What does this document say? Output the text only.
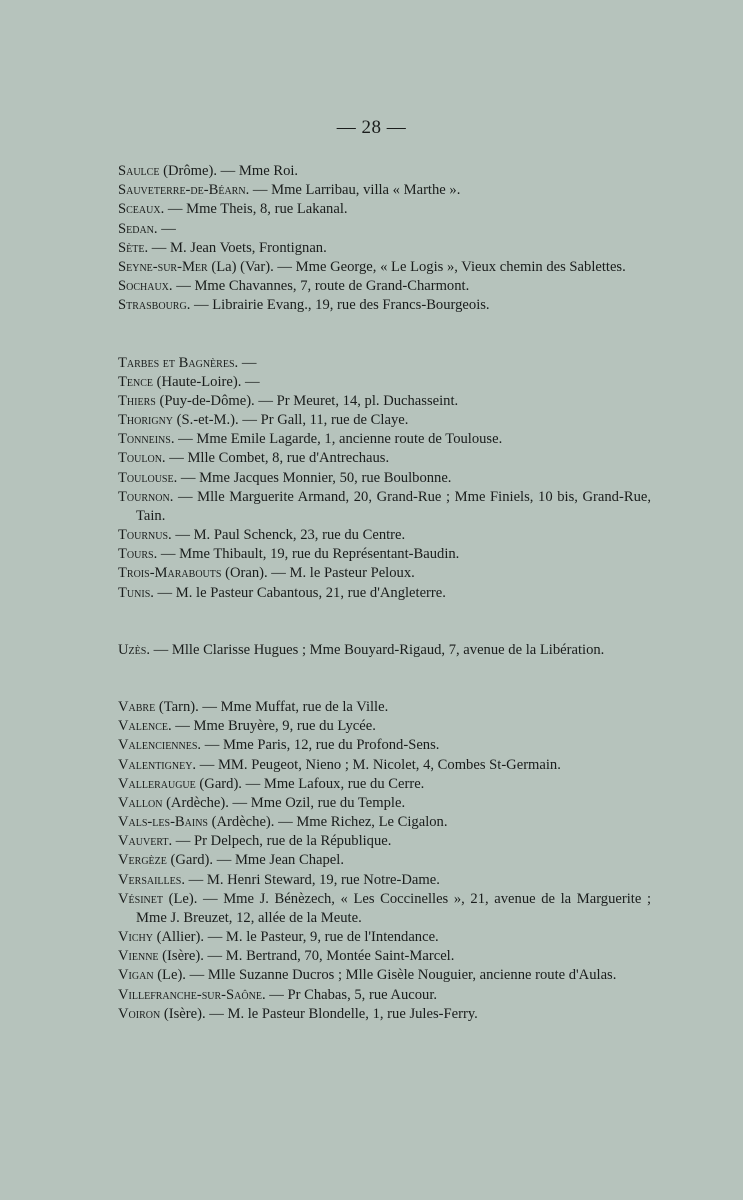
— 28 —
Saulce (Drôme). — Mme Roi.
Sauveterre-de-Béarn. — Mme Larribau, villa « Marthe ».
Sceaux. — Mme Theis, 8, rue Lakanal.
Sedan. —
Sète. — M. Jean Voets, Frontignan.
Seyne-sur-Mer (La) (Var). — Mme George, « Le Logis », Vieux chemin des Sablettes.
Sochaux. — Mme Chavannes, 7, route de Grand-Charmont.
Strasbourg. — Librairie Evang., 19, rue des Francs-Bourgeois.
Tarbes et Bagnères. —
Tence (Haute-Loire). —
Thiers (Puy-de-Dôme). — Pr Meuret, 14, pl. Duchasseint.
Thorigny (S.-et-M.). — Pr Gall, 11, rue de Claye.
Tonneins. — Mme Emile Lagarde, 1, ancienne route de Toulouse.
Toulon. — Mlle Combet, 8, rue d'Antrechaus.
Toulouse. — Mme Jacques Monnier, 50, rue Boulbonne.
Tournon. — Mlle Marguerite Armand, 20, Grand-Rue ; Mme Finiels, 10 bis, Grand-Rue, Tain.
Tournus. — M. Paul Schenck, 23, rue du Centre.
Tours. — Mme Thibault, 19, rue du Représentant-Baudin.
Trois-Marabouts (Oran). — M. le Pasteur Peloux.
Tunis. — M. le Pasteur Cabantous, 21, rue d'Angleterre.
Uzès. — Mlle Clarisse Hugues ; Mme Bouyard-Rigaud, 7, avenue de la Libération.
Vabre (Tarn). — Mme Muffat, rue de la Ville.
Valence. — Mme Bruyère, 9, rue du Lycée.
Valenciennes. — Mme Paris, 12, rue du Profond-Sens.
Valentigney. — MM. Peugeot, Nieno ; M. Nicolet, 4, Combes St-Germain.
Valleraugue (Gard). — Mme Lafoux, rue du Cerre.
Vallon (Ardèche). — Mme Ozil, rue du Temple.
Vals-les-Bains (Ardèche). — Mme Richez, Le Cigalon.
Vauvert. — Pr Delpech, rue de la République.
Vergèze (Gard). — Mme Jean Chapel.
Versailles. — M. Henri Steward, 19, rue Notre-Dame.
Vésinet (Le). — Mme J. Bénèzech, « Les Coccinelles », 21, avenue de la Marguerite ; Mme J. Breuzet, 12, allée de la Meute.
Vichy (Allier). — M. le Pasteur, 9, rue de l'Intendance.
Vienne (Isère). — M. Bertrand, 70, Montée Saint-Marcel.
Vigan (Le). — Mlle Suzanne Ducros ; Mlle Gisèle Nouguier, ancienne route d'Aulas.
Villefranche-sur-Saône. — Pr Chabas, 5, rue Aucour.
Voiron (Isère). — M. le Pasteur Blondelle, 1, rue Jules-Ferry.
